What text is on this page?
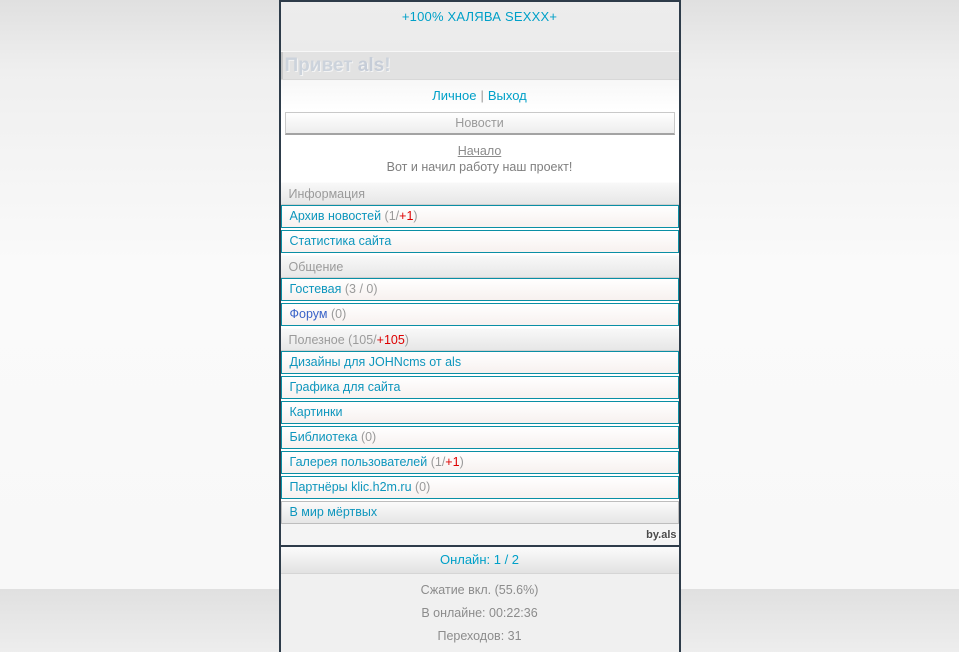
+100% ХАЛЯВА SEXXX+
Привет als!
Личное | Выход
Новости
Начало
Вот и начил работу наш проект!
Информация
Архив новостей (1/+1)
Статистика сайта
Общение
Гостевая (3 / 0)
Форум (0)
Полезное (105/+105)
Дизайны для JOHNcms от als
Графика для сайта
Картинки
Библиотека (0)
Галерея пользователей (1/+1)
Партнёры klic.h2m.ru (0)
В мир мёртвых
by.als
Онлайн: 1 / 2
Сжатие вкл. (55.6%)
В онлайне: 00:22:36
Переходов: 31
